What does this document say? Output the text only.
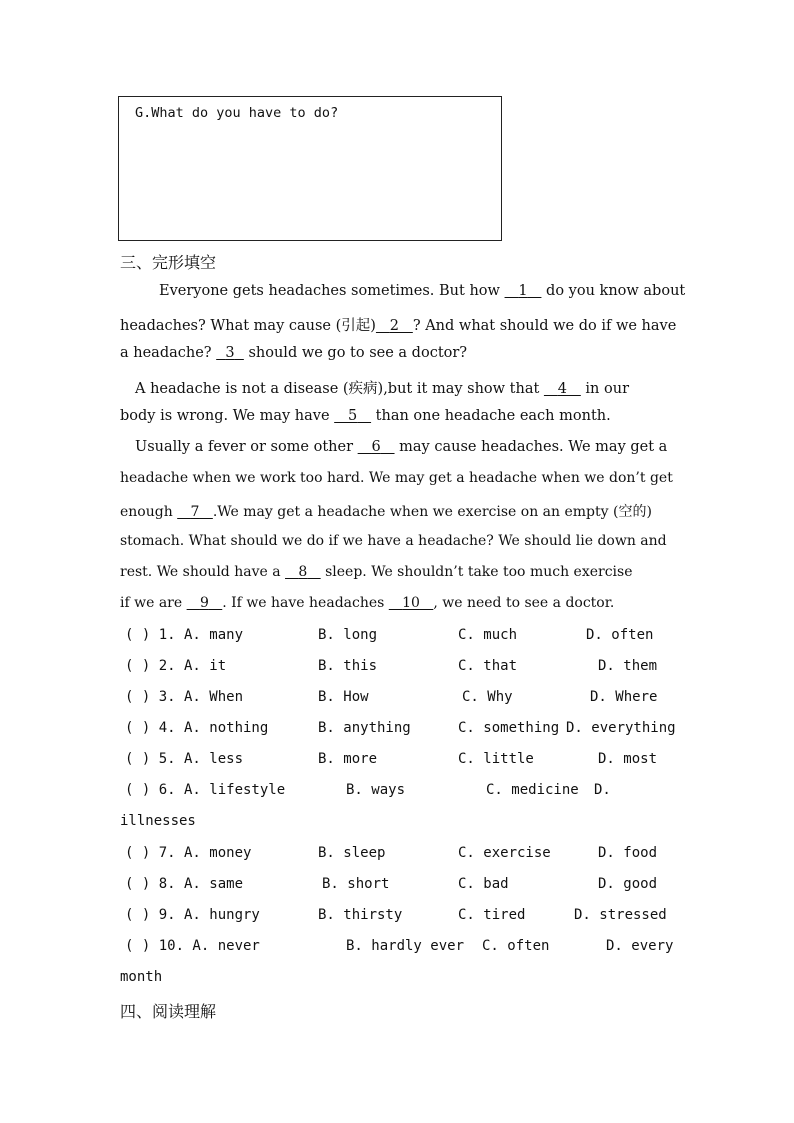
G.What do you have to do?
三、完形填空
Everyone gets headaches sometimes. But how    1    do you know about
headaches? What may cause (引起) 2 ? And what should we do if we have
a headache?   3   should we go to see a doctor?
A headache is not a disease (疾病),but it may show that    4    in our
body is wrong. We may have    5    than one headache each month.
Usually a fever or some other    6    may cause headaches. We may get a
headache when we work too hard. We may get a headache when we don’t get
enough    7 .We may get a headache when we exercise on an empty (空的)
stomach. What should we do if we have a headache? We should lie down and
rest. We should have a    8    sleep. We shouldn’t take too much exercise
if we are    9 . If we have headaches    10 , we need to see a doctor.
( ) 1. A. many	B. long	C. much	D. often
( ) 2. A. it	B. this	C. that	D. them
( ) 3. A. When	B. How	C. Why	D. Where
( ) 4. A. nothing	B. anything	C. something D. everything
( ) 5. A. less	B. more	C. little	D. most
( ) 6. A. lifestyle	B. ways	C. medicine D.
illnesses
( ) 7. A. money	B. sleep	C. exercise	D. food
( ) 8. A. same	B. short	C. bad	D. good
( ) 9. A. hungry	B. thirsty	C. tired	D. stressed
( ) 10. A. never	B. hardly ever C. often	D. every
month
四、阅读理解
